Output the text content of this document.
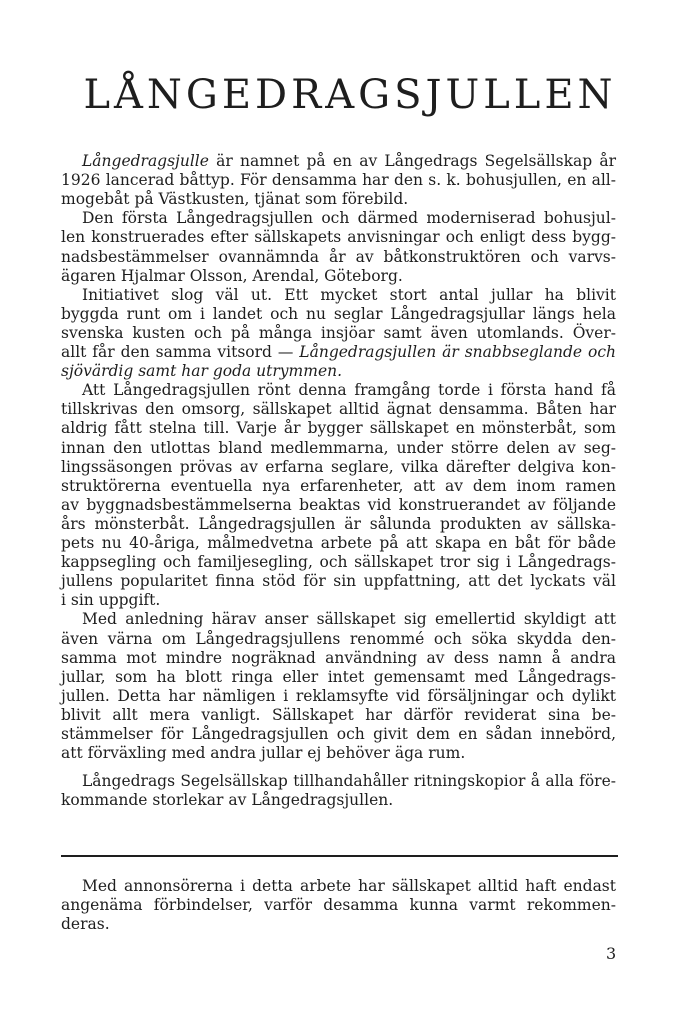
LÅNGEDRAGSJULLEN
Långedragsjulle är namnet på en av Långedrags Segelsällskap år
1926 lancerad båttyp. För densamma har den s. k. bohusjullen, en all-
mogebåt på Västkusten, tjänat som förebild.
Den första Långedragsjullen och därmed moderniserad bohusjul-
len konstruerades efter sällskapets anvisningar och enligt dess bygg-
nadsbestämmelser ovannämnda år av båtkonstruktören och varvs-
ägaren Hjalmar Olsson, Arendal, Göteborg.
Initiativet slog väl ut. Ett mycket stort antal jullar ha blivit
byggda runt om i landet och nu seglar Långedragsjullar längs hela
svenska kusten och på många insjöar samt även utomlands. Över-
allt får den samma vitsord — Långedragsjullen är snabbseglande och
sjövärdig samt har goda utrymmen.
Att Långedragsjullen rönt denna framgång torde i första hand få
tillskrivas den omsorg, sällskapet alltid ägnat densamma. Båten har
aldrig fått stelna till. Varje år bygger sällskapet en mönsterbåt, som
innan den utlottas bland medlemmarna, under större delen av seg-
lingssäsongen prövas av erfarna seglare, vilka därefter delgiva kon-
struktörerna eventuella nya erfarenheter, att av dem inom ramen
av byggnadsbestämmelserna beaktas vid konstruerandet av följande
års mönsterbåt. Långedragsjullen är sålunda produkten av sällska-
pets nu 40-åriga, målmedvetna arbete på att skapa en båt för både
kappsegling och familjesegling, och sällskapet tror sig i Långedrags-
jullens popularitet finna stöd för sin uppfattning, att det lyckats väl
i sin uppgift.
Med anledning härav anser sällskapet sig emellertid skyldigt att
även värna om Långedragsjullens renommé och söka skydda den-
samma mot mindre nogräknad användning av dess namn å andra
jullar, som ha blott ringa eller intet gemensamt med Långedrags-
jullen. Detta har nämligen i reklamsyfte vid försäljningar och dylikt
blivit allt mera vanligt. Sällskapet har därför reviderat sina be-
stämmelser för Långedragsjullen och givit dem en sådan innebörd,
att förväxling med andra jullar ej behöver äga rum.
Långedrags Segelsällskap tillhandahåller ritningskopior å alla före-
kommande storlekar av Långedragsjullen.
Med annonsörerna i detta arbete har sällskapet alltid haft endast
angenäma förbindelser, varför desamma kunna varmt rekommen-
deras.
3
